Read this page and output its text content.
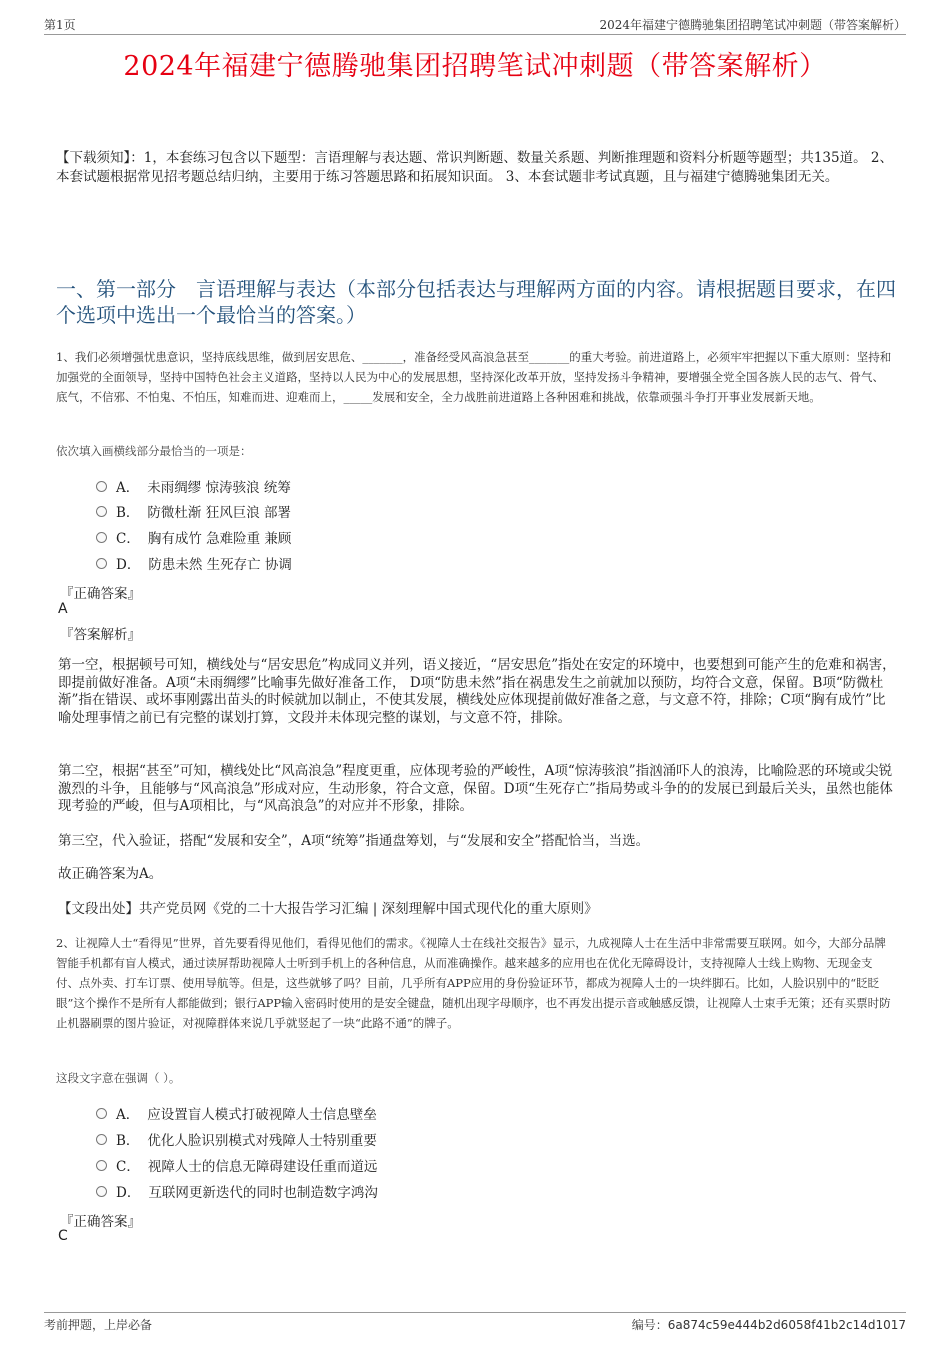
第1页	2024年福建宁德腾驰集团招聘笔试冲刺题（带答案解析）
2024年福建宁德腾驰集团招聘笔试冲刺题（带答案解析）
【下载须知】：1，本套练习包含以下题型：言语理解与表达题、常识判断题、数量关系题、判断推理题和资料分析题等题型；共135道。 2、本套试题根据常见招考题总结归纳，主要用于练习答题思路和拓展知识面。 3、本套试题非考试真题，且与福建宁德腾驰集团无关。
一、第一部分　言语理解与表达（本部分包括表达与理解两方面的内容。请根据题目要求，在四个选项中选出一个最恰当的答案。）
1、我们必须增强忧患意识，坚持底线思维，做到居安思危、_______，准备经受风高浪急甚至_______的重大考验。前进道路上，必须牢牢把握以下重大原则：坚持和加强党的全面领导，坚持中国特色社会主义道路，坚持以人民为中心的发展思想，坚持深化改革开放，坚持发扬斗争精神，要增强全党全国各族人民的志气、骨气、底气，不信邪、不怕鬼、不怕压，知难而进、迎难而上，_____发展和安全，全力战胜前进道路上各种困难和挑战，依靠顽强斗争打开事业发展新天地。
依次填入画横线部分最恰当的一项是：
A． 未雨绸缪 惊涛骇浪 统筹
B． 防微杜渐 狂风巨浪 部署
C． 胸有成竹 急难险重 兼顾
D． 防患未然 生死存亡 协调
『正确答案』
A
『答案解析』
第一空，根据顿号可知，横线处与“居安思危”构成同义并列，语义接近，“居安思危”指处在安定的环境中，也要想到可能产生的危难和祸害，即提前做好准备。A项“未雨绸缪”比喻事先做好准备工作， D项“防患未然”指在祸患发生之前就加以预防，均符合文意，保留。B项“防微杜渐”指在错误、或坏事刚露出苗头的时候就加以制止，不使其发展，横线处应体现提前做好准备之意，与文意不符，排除；C项“胸有成竹”比喻处理事情之前已有完整的谋划打算，文段并未体现完整的谋划，与文意不符，排除。
第二空，根据“甚至”可知，横线处比“风高浪急”程度更重，应体现考验的严峻性，A项“惊涛骇浪”指汹涌吓人的浪涛，比喻险恶的环境或尖锐激烈的斗争，且能够与“风高浪急”形成对应，生动形象，符合文意，保留。D项“生死存亡”指局势或斗争的的发展已到最后关头，虽然也能体现考验的严峻，但与A项相比，与“风高浪急”的对应并不形象，排除。
第三空，代入验证，搭配“发展和安全”，A项“统筹”指通盘筹划，与“发展和安全”搭配恰当，当选。
故正确答案为A。
【文段出处】共产党员网《党的二十大报告学习汇编 | 深刻理解中国式现代化的重大原则》
2、让视障人士“看得见”世界，首先要看得见他们，看得见他们的需求。《视障人士在线社交报告》显示，九成视障人士在生活中非常需要互联网。如今，大部分品牌智能手机都有盲人模式，通过读屏帮助视障人士听到手机上的各种信息，从而准确操作。越来越多的应用也在优化无障碍设计，支持视障人士线上购物、无现金支付、点外卖、打车订票、使用导航等。但是，这些就够了吗？目前，几乎所有APP应用的身份验证环节，都成为视障人士的一块绊脚石。比如，人脸识别中的“眨眨眼”这个操作不是所有人都能做到；银行APP输入密码时使用的是安全键盘，随机出现字母顺序，也不再发出提示音或触感反馈，让视障人士束手无策；还有买票时防止机器刷票的图片验证，对视障群体来说几乎就竖起了一块“此路不通”的牌子。
这段文字意在强调（ ）。
A． 应设置盲人模式打破视障人士信息壁垒
B． 优化人脸识别模式对残障人士特别重要
C． 视障人士的信息无障碍建设任重而道远
D． 互联网更新迭代的同时也制造数字鸿沟
『正确答案』
C
考前押题，上岸必备	编号：6a874c59e444b2d6058f41b2c14d1017
